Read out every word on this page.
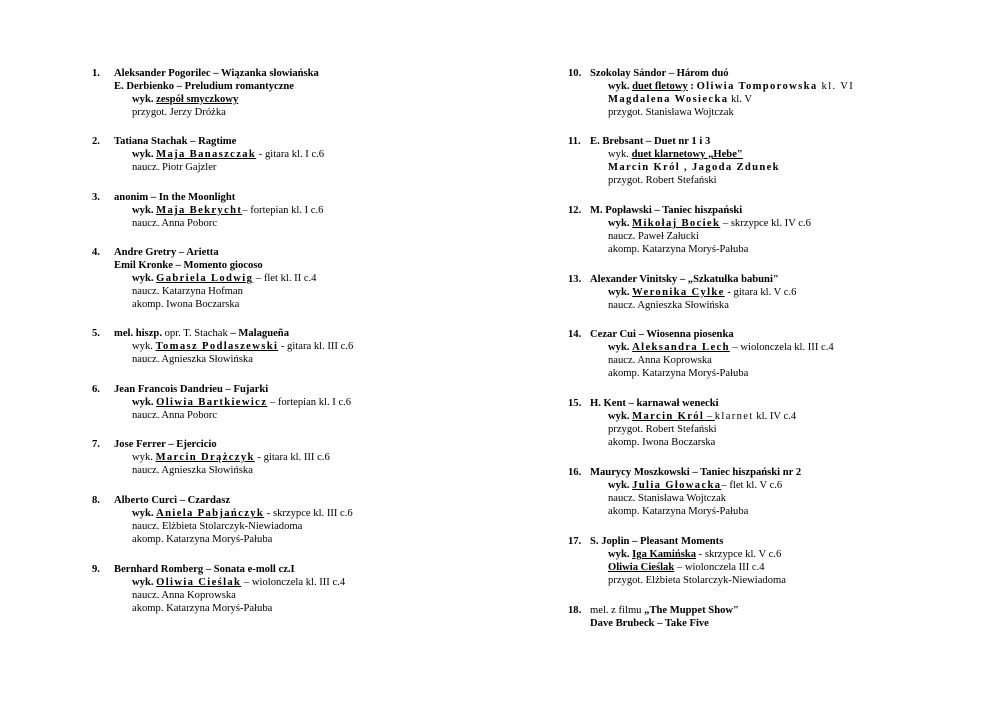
1. Aleksander Pogorilec – Wiązanka słowiańska
E. Derbienko – Preludium romantyczne
wyk. zespół smyczkowy
przygot. Jerzy Dróżka
2. Tatiana Stachak – Ragtime
wyk. Maja Banaszczak - gitara kl. I c.6
naucz. Piotr Gajzler
3. anonim – In the Moonlight
wyk. Maja Bekrycht– fortepian kl. I c.6
naucz. Anna Poborc
4. Andre Gretry – Arietta
Emil Kronke – Momento giocoso
wyk. Gabriela Lodwig – flet kl. II c.4
naucz. Katarzyna Hofman
akomp. Iwona Boczarska
5. mel. hiszp. opr. T. Stachak – Malagueña
wyk. Tomasz Podlaszewski - gitara kl. III c.6
naucz. Agnieszka Słowińska
6. Jean Francois Dandrieu – Fujarki
wyk. Oliwia Bartkiewicz – fortepian kl. I c.6
naucz. Anna Poborc
7. Jose Ferrer – Ejercicio
wyk. Marcin Drążczyk - gitara kl. III c.6
naucz. Agnieszka Słowińska
8. Alberto Curci – Czardasz
wyk. Aniela Pabjańczyk - skrzypce kl. III c.6
naucz. Elżbieta Stolarczyk-Niewiadoma
akomp. Katarzyna Moryś-Pałuba
9. Bernhard Romberg – Sonata e-moll cz.I
wyk. Oliwia Cieślak – wiolonczela kl. III c.4
naucz. Anna Koprowska
akomp. Katarzyna Moryś-Pałuba
10. Szokolay Sándor – Három duó
wyk. duet fletowy : Oliwia Tomporowska kl. VI
Magdalena Wosiecka kl. V
przygot. Stanisława Wojtczak
11. E. Brebsant – Duet nr 1 i 3
wyk. duet klarnetowy „Hebe"
Marcin Król , Jagoda Zdunek
przygot. Robert Stefański
12. M. Popławski – Taniec hiszpański
wyk. Mikołaj Bociek – skrzypce kl. IV c.6
naucz. Paweł Załucki
akomp. Katarzyna Moryś-Pałuba
13. Alexander Vinitsky – „Szkatułka babuni"
wyk. Weronika Cylke - gitara kl. V c.6
naucz. Agnieszka Słowińska
14. Cezar Cui – Wiosenna piosenka
wyk. Aleksandra Lech – wiolonczela kl. III c.4
naucz. Anna Koprowska
akomp. Katarzyna Moryś-Pałuba
15. H. Kent – karnawał wenecki
wyk. Marcin Król – klarnet kl. IV c.4
przygot. Robert Stefański
akomp. Iwona Boczarska
16. Maurycy Moszkowski – Taniec hiszpański nr 2
wyk. Julia Głowacka– flet kl. V c.6
naucz. Stanisława Wojtczak
akomp. Katarzyna Moryś-Pałuba
17. S. Joplin – Pleasant Moments
wyk. Iga Kamińska - skrzypce kl. V c.6
Oliwia Cieślak – wiolonczela III c.4
przygot. Elżbieta Stolarczyk-Niewiadoma
18. mel. z filmu „The Muppet Show"
Dave Brubeck – Take Five
